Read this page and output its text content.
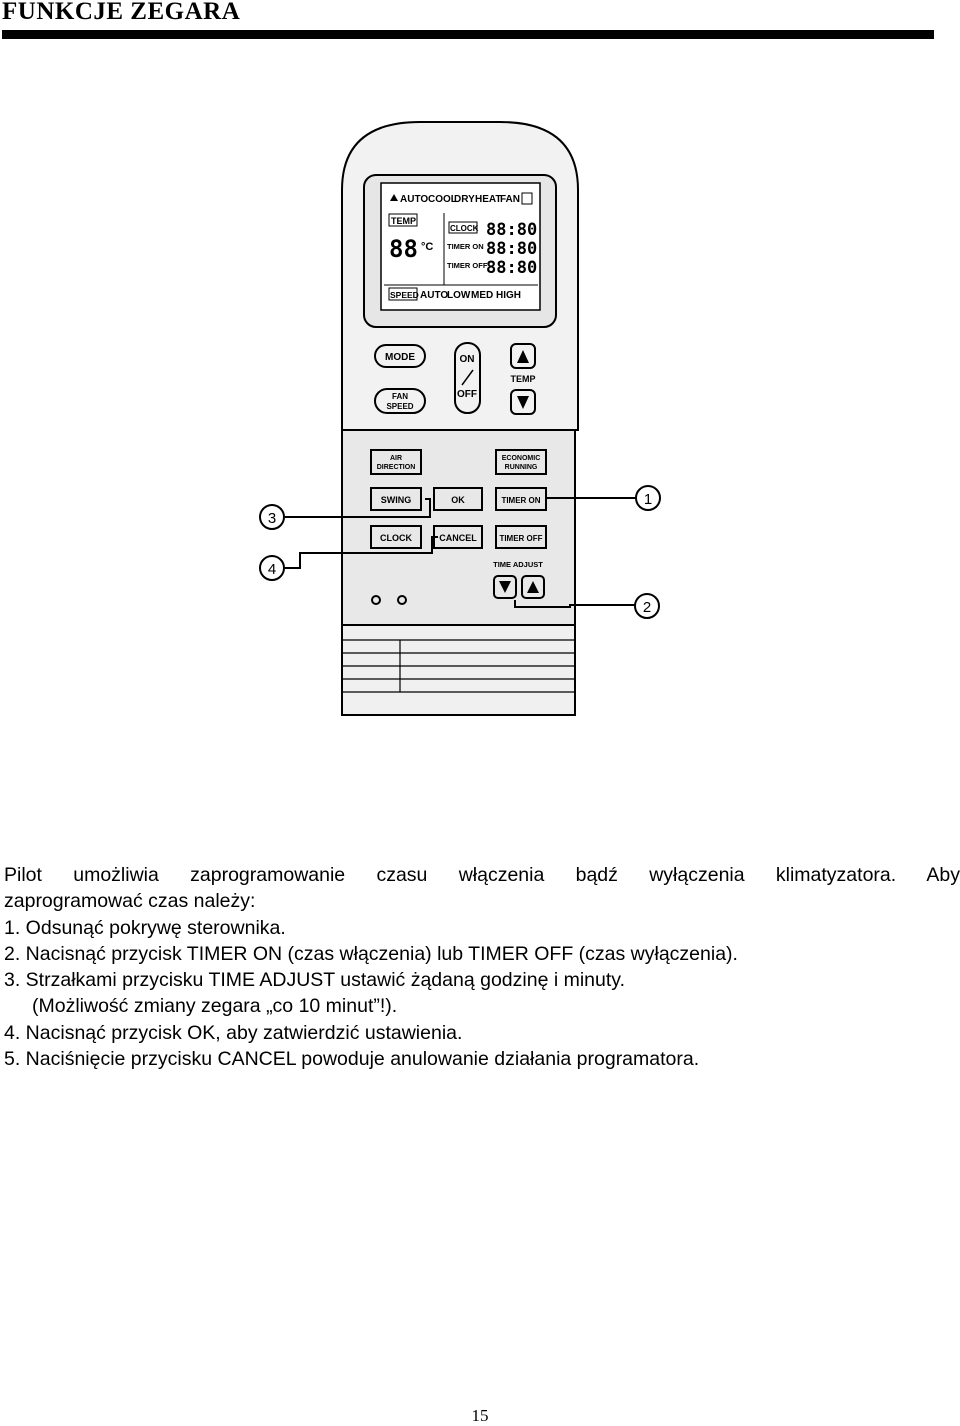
FUNKCJE ZEGARA
AUTO COOL
DRY HEAT
FAN
TEMP
88 °C
CLOCK 88:80
TIMER ON 88:80
TIMER OFF
88:80
SPEED AUTO
LOW MED HIGH
MODE
FAN
SPEED
ON
OFF
TEMP
AIR
DIRECTION
ECONOMIC
RUNNING
SWING	OK	TIMER ON
CLOCK	CANCEL	TIMER OFF
TIME ADJUST
1
2
3
4

Pilot umożliwia zaprogramowanie czasu włączenia bądź wyłączenia klimatyzatora. Aby

zaprogramować czas należy:

1. Odsunąć pokrywę sterownika.

2. Nacisnąć przycisk TIMER ON (czas włączenia) lub TIMER OFF (czas wyłączenia).

3. Strzałkami przycisku TIME ADJUST ustawić żądaną godzinę i minuty.

(Możliwość zmiany zegara „co 10 minut”!).

4. Nacisnąć przycisk OK, aby zatwierdzić ustawienia.

5. Naciśnięcie przycisku CANCEL powoduje anulowanie działania programatora.

15
